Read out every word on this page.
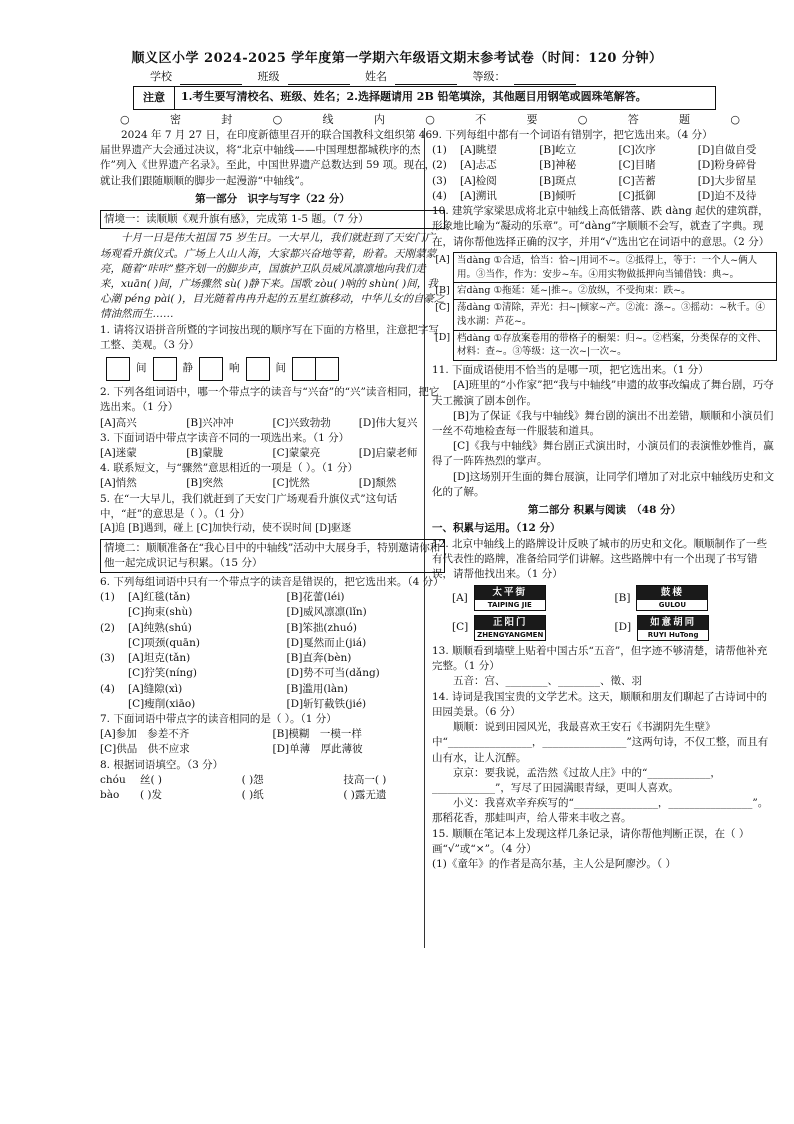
顺义区小学 2024-2025 学年度第一学期六年级语文期末参考试卷（时间：120 分钟）
学校	班级	姓名	等级：
注意	1.考生要写清校名、班级、姓名；2.选择题请用 2B 铅笔填涂，其他题目用钢笔或圆珠笔解答。
○	密	封	○	线	内	○	不	要	○	答	题	○

2024 年 7 月 27 日，在印度新德里召开的联合国教科文组织第 46 届世界遗产大会通过决议，将“北京中轴线——中国理想都城秩序的杰作”列入《世界遗产名录》。至此，中国世界遗产总数达到 59 项。现在，就让我们跟随顺顺的脚步一起漫游“中轴线”。

第一部分　识字与写字（22 分）
情境一：读顺顺《观升旗有感》，完成第 1-5 题。（7 分）

十月一日是伟大祖国 75 岁生日。一大早儿，我们就赶到了天安门广场观看升旗仪式。广场上人山人海，大家都兴奋地等着，盼着。天刚蒙蒙亮，随着“咔咔”整齐划一的脚步声，国旗护卫队员威风凛凛地向我们走来，xuān( )间，广场骤然 sù( )静下来。国歌 zòu( )响的 shùn( )间，我心潮 péng pài( )，目光随着冉冉升起的五星红旗移动，中华儿女的自豪之情油然而生……

1. 请将汉语拼音所暨的字词按出现的顺序写在下面的方格里，注意把字写工整、美观。（3 分）

间	静	响	间

2. 下列各组词语中，哪一个带点字的读音与“兴奋”的“兴”读音相同，把它选出来。（1 分）

[A]高兴	[B]兴冲冲	[C]兴致勃勃	[D]伟大复兴

3. 下面词语中带点字读音不同的一项选出来。（1 分）

[A]迷蒙	[B]蒙胧	[C]蒙蒙亮	[D]启蒙老师

4. 联系短文，与“骤然”意思相近的一项是（ ）。（1 分）

[A]悄然	[B]突然	[C]恍然	[D]颓然

5. 在“一大早儿，我们就赶到了天安门广场观看升旗仪式”这句话中，“赶”的意思是（ ）。（1 分）

[A]追 [B]遇到，碰上 [C]加快行动，使不误时间 [D]驱逐

情境二：顺顺准备在“我心目中的中轴线”活动中大展身手，特别邀请你和他一起完成识记与积累。（15 分）

6. 下列每组词语中只有一个带点字的读音是错误的，把它选出来。（4 分）

(1)	[A]红毯(tǎn)	[B]花蕾(léi)
[C]拘束(shù)	[D]威风凛凛(lǐn)
(2)	[A]纯熟(shú)	[B]笨拙(zhuó)
[C]项颈(quān)	[D]戛然而止(jiá)
(3)	[A]坦克(tǎn)	[B]直奔(bèn)
[C]狞笑(níng)	[D]势不可当(dǎng)
(4)	[A]缝隙(xì)	[B]滥用(làn)
[C]瘦削(xiāo)	[D]斩钉截铁(jié)

7. 下面词语中带点字的读音相同的是（ ）。（1 分）

[A]参加　参差不齐	[B]模糊　一模一样
[C]供品　供不应求	[D]单薄　厚此薄彼

8. 根据词语填空。（3 分）

chóu	丝( )	( )怨	技高一( )
bào	( )发	( )纸	( )露无遗

9. 下列每组中都有一个词语有错别字，把它选出来。（4 分）

(1)	[A]眺望	[B]屹立	[C]次序	[D]自做自受
(2)	[A]忐忑	[B]神秘	[C]目睹	[D]粉身碎骨
(3)	[A]检阅	[B]斑点	[C]苦蓄	[D]大步留星
(4)	[A]溯讯	[B]倾听	[C]抵御	[D]迫不及待

10. 建筑学家梁思成将北京中轴线上高低错落、跌 dàng 起伏的建筑群，形象地比喻为“凝动的乐章”。可“dàng”字顺顺不会写，就查了字典。现在，请你帮他选择正确的汉字，并用“√”选出它在词语中的意思。（2 分）

[A]	当dàng ①合适，恰当：恰~|用词不~。②抵得上，等于：一个人~俩人用。③当作，作为：安步~车。④用实物做抵押向当铺借钱：典~。
[B]	宕dàng ①拖延：延~|推~。②放纵，不受拘束：跌~。
[C]	荡dàng ①清除，弄光：扫~|倾家~产。②流：涤~。③摇动：~秋千。④浅水湖：芦花~。
[D]	档dàng ①存放案卷用的带格子的橱架：归~。②档案，分类保存的文件、材料：查~。③等级：这一次~|一次~。

11. 下面成语使用不恰当的是哪一项，把它选出来。（1 分）

[A]班里的“小作家”把“我与中轴线”申遗的故事改编成了舞台剧，巧夺天工搬演了剧本创作。

[B]为了保证《我与中轴线》舞台剧的演出不出差错，顺顺和小演员们一丝不苟地检查每一件服装和道具。

[C]《我与中轴线》舞台剧正式演出时，小演员们的表演惟妙惟肖，赢得了一阵阵热烈的掌声。

[D]这场别开生面的舞台展演，让同学们增加了对北京中轴线历史和文化的了解。

第二部分 积累与阅读　（48 分）

一、积累与运用。（12 分）

12. 北京中轴线上的路牌设计反映了城市的历史和文化。顺顺制作了一些有代表性的路牌，准备给同学们讲解。这些路牌中有一个出现了书写错误，请帮他找出来。（1 分）

[A]	太平街
TAIPING JIE
[B]	鼓楼
GULOU
[C]	正阳门
ZHENGYANGMEN
[D]	如意胡同
RUYI HuTong

13. 顺顺看到墙壁上贴着中国古乐“五音”，但字迹不够清楚，请帮他补充完整。（1 分）

五音：宫、________、________、徵、羽

14. 诗词是我国宝贵的文学艺术。这天，顺顺和朋友们聊起了古诗词中的田园美景。（6 分）

顺顺：说到田园风光，我最喜欢王安石《书湖阴先生壁》中“________________，________________”这两句诗，不仅工整，而且有山有水，让人沉醉。

京京：要我说，孟浩然《过故人庄》中的“____________，____________”，写尽了田园满眼青绿，更叫人喜欢。

小义：我喜欢辛弃疾写的“________________，________________”。那稻花香，那蛙叫声，给人带来丰收之喜。

15. 顺顺在笔记本上发现这样几条记录，请你帮他判断正误，在（ ）画“√”或“×”。（4 分）

(1)《童年》的作者是高尔基，主人公是阿廖沙。（ ）
